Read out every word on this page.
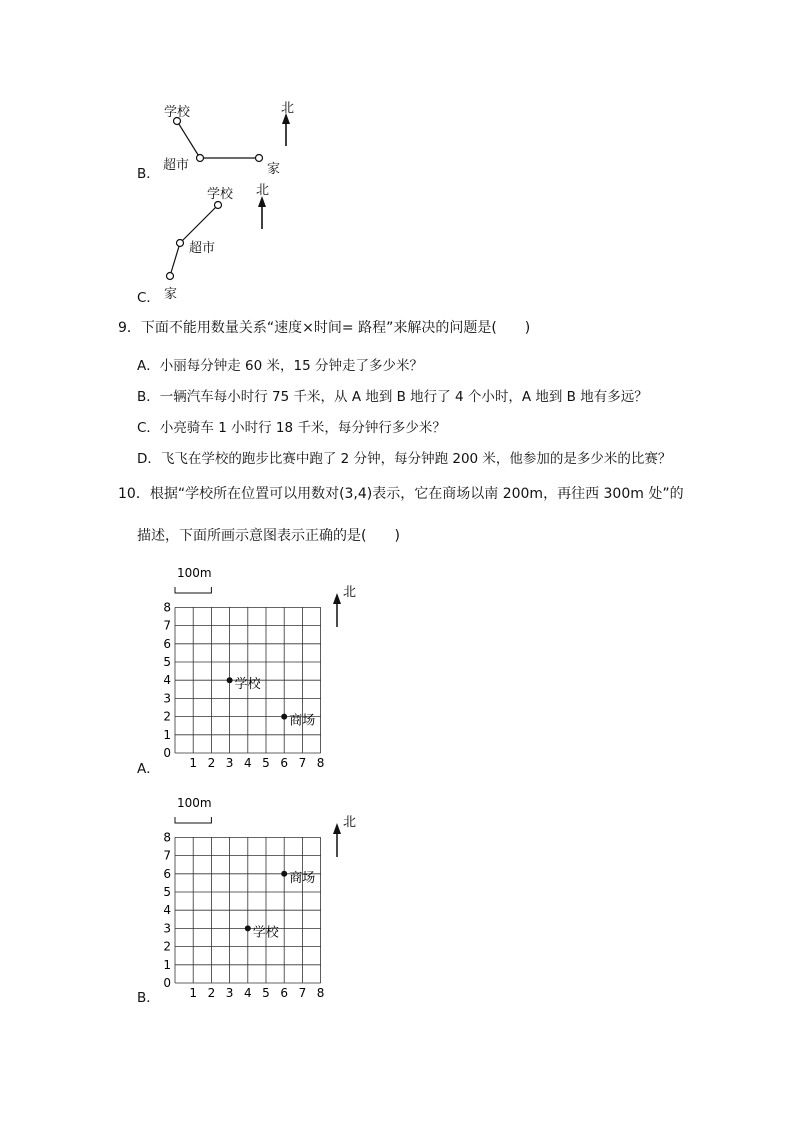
学校
超市	家
北
B．
学校
超市
家
北
C．
9．下面不能用数量关系“速度×时间= 路程”来解决的问题是(　　)
A．小丽每分钟走 60 米，15 分钟走了多少米？
B．一辆汽车每小时行 75 千米，从 A 地到 B 地行了 4 个小时，A 地到 B 地有多远？
C．小亮骑车 1 小时行 18 千米，每分钟行多少米？
D．飞飞在学校的跑步比赛中跑了 2 分钟，每分钟跑 200 米，他参加的是多少米的比赛？
10．根据“学校所在位置可以用数对(3,4)表示，它在商场以南 200m，再往西 300m 处”的
描述，下面所画示意图表示正确的是(　　)
100m
1 2 3 4 5 6 7 8
0
1
2
3
4
5
6
7
8
学校
商场
北
A．
100m
1 2 3 4 5 6 7 8
0
1
2
3
4
5
6
7
8
商场
学校
北
B．
